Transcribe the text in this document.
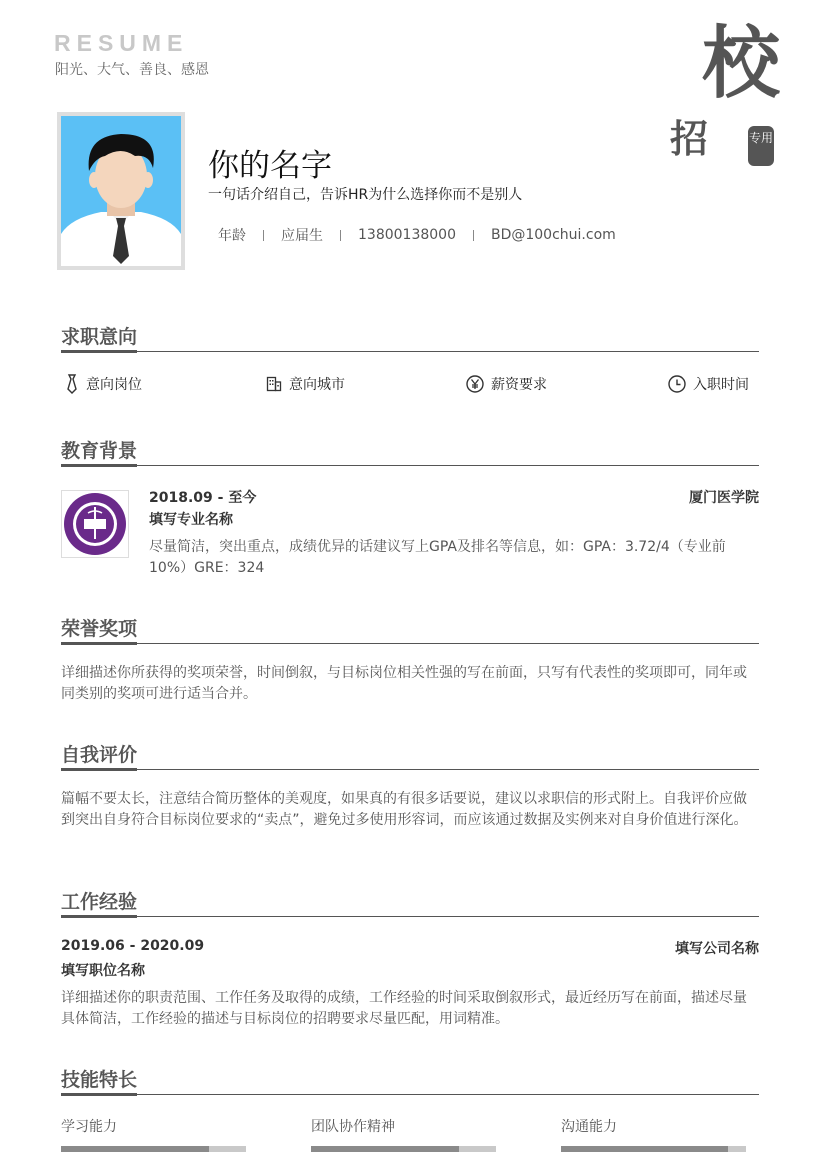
RESUME
阳光、大气、善良、感恩	校
招	专用
你的名字
一句话介绍自己，告诉HR为什么选择你而不是别人
年龄	应届生	13800138000	BD@100chui.com
求职意向
意向岗位	意向城市	薪资要求	入职时间
教育背景
2018.09 - 至今	厦门医学院
填写专业名称
尽量简洁，突出重点，成绩优异的话建议写上GPA及排名等信息，如：GPA：3.72/4（专业前10%）GRE：324
荣誉奖项
详细描述你所获得的奖项荣誉，时间倒叙，与目标岗位相关性强的写在前面，只写有代表性的奖项即可，同年或同类别的奖项可进行适当合并。
自我评价
篇幅不要太长，注意结合简历整体的美观度，如果真的有很多话要说，建议以求职信的形式附上。自我评价应做到突出自身符合目标岗位要求的“卖点”，避免过多使用形容词，而应该通过数据及实例来对自身价值进行深化。
工作经验
2019.06 - 2020.09	填写公司名称
填写职位名称
详细描述你的职责范围、工作任务及取得的成绩，工作经验的时间采取倒叙形式，最近经历写在前面，描述尽量具体简洁，工作经验的描述与目标岗位的招聘要求尽量匹配，用词精准。
技能特长
学习能力	团队协作精神	沟通能力
